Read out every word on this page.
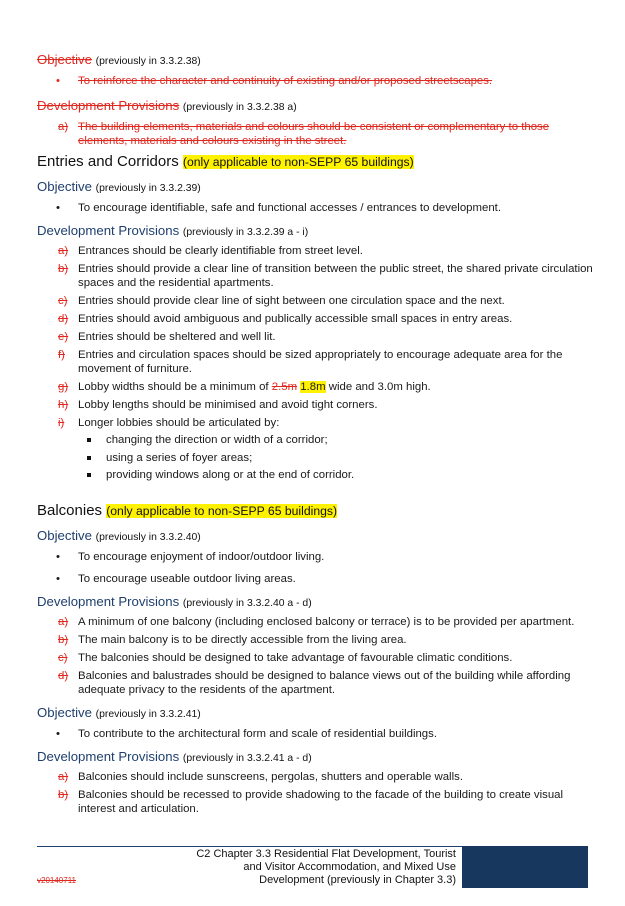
Objective (previously in 3.3.2.38)
• To reinforce the character and continuity of existing and/or proposed streetscapes.
Development Provisions (previously in 3.3.2.38 a)
a) The building elements, materials and colours should be consistent or complementary to those elements, materials and colours existing in the street.
Entries and Corridors (only applicable to non-SEPP 65 buildings)
Objective (previously in 3.3.2.39)
• To encourage identifiable, safe and functional accesses / entrances to development.
Development Provisions (previously in 3.3.2.39 a - i)
a) Entrances should be clearly identifiable from street level.
b) Entries should provide a clear line of transition between the public street, the shared private circulation spaces and the residential apartments.
c) Entries should provide clear line of sight between one circulation space and the next.
d) Entries should avoid ambiguous and publically accessible small spaces in entry areas.
e) Entries should be sheltered and well lit.
f) Entries and circulation spaces should be sized appropriately to encourage adequate area for the movement of furniture.
g) Lobby widths should be a minimum of 2.5m 1.8m wide and 3.0m high.
h) Lobby lengths should be minimised and avoid tight corners.
i) Longer lobbies should be articulated by:
changing the direction or width of a corridor;
using a series of foyer areas;
providing windows along or at the end of corridor.
Balconies (only applicable to non-SEPP 65 buildings)
Objective (previously in 3.3.2.40)
• To encourage enjoyment of indoor/outdoor living.
• To encourage useable outdoor living areas.
Development Provisions (previously in 3.3.2.40 a - d)
a) A minimum of one balcony (including enclosed balcony or terrace) is to be provided per apartment.
b) The main balcony is to be directly accessible from the living area.
c) The balconies should be designed to take advantage of favourable climatic conditions.
d) Balconies and balustrades should be designed to balance views out of the building while affording adequate privacy to the residents of the apartment.
Objective (previously in 3.3.2.41)
• To contribute to the architectural form and scale of residential buildings.
Development Provisions (previously in 3.3.2.41 a - d)
a) Balconies should include sunscreens, pergolas, shutters and operable walls.
b) Balconies should be recessed to provide shadowing to the facade of the building to create visual interest and articulation.
C2 Chapter 3.3 Residential Flat Development, Tourist
and Visitor Accommodation, and Mixed Use
Development (previously in Chapter 3.3)
v20140711
